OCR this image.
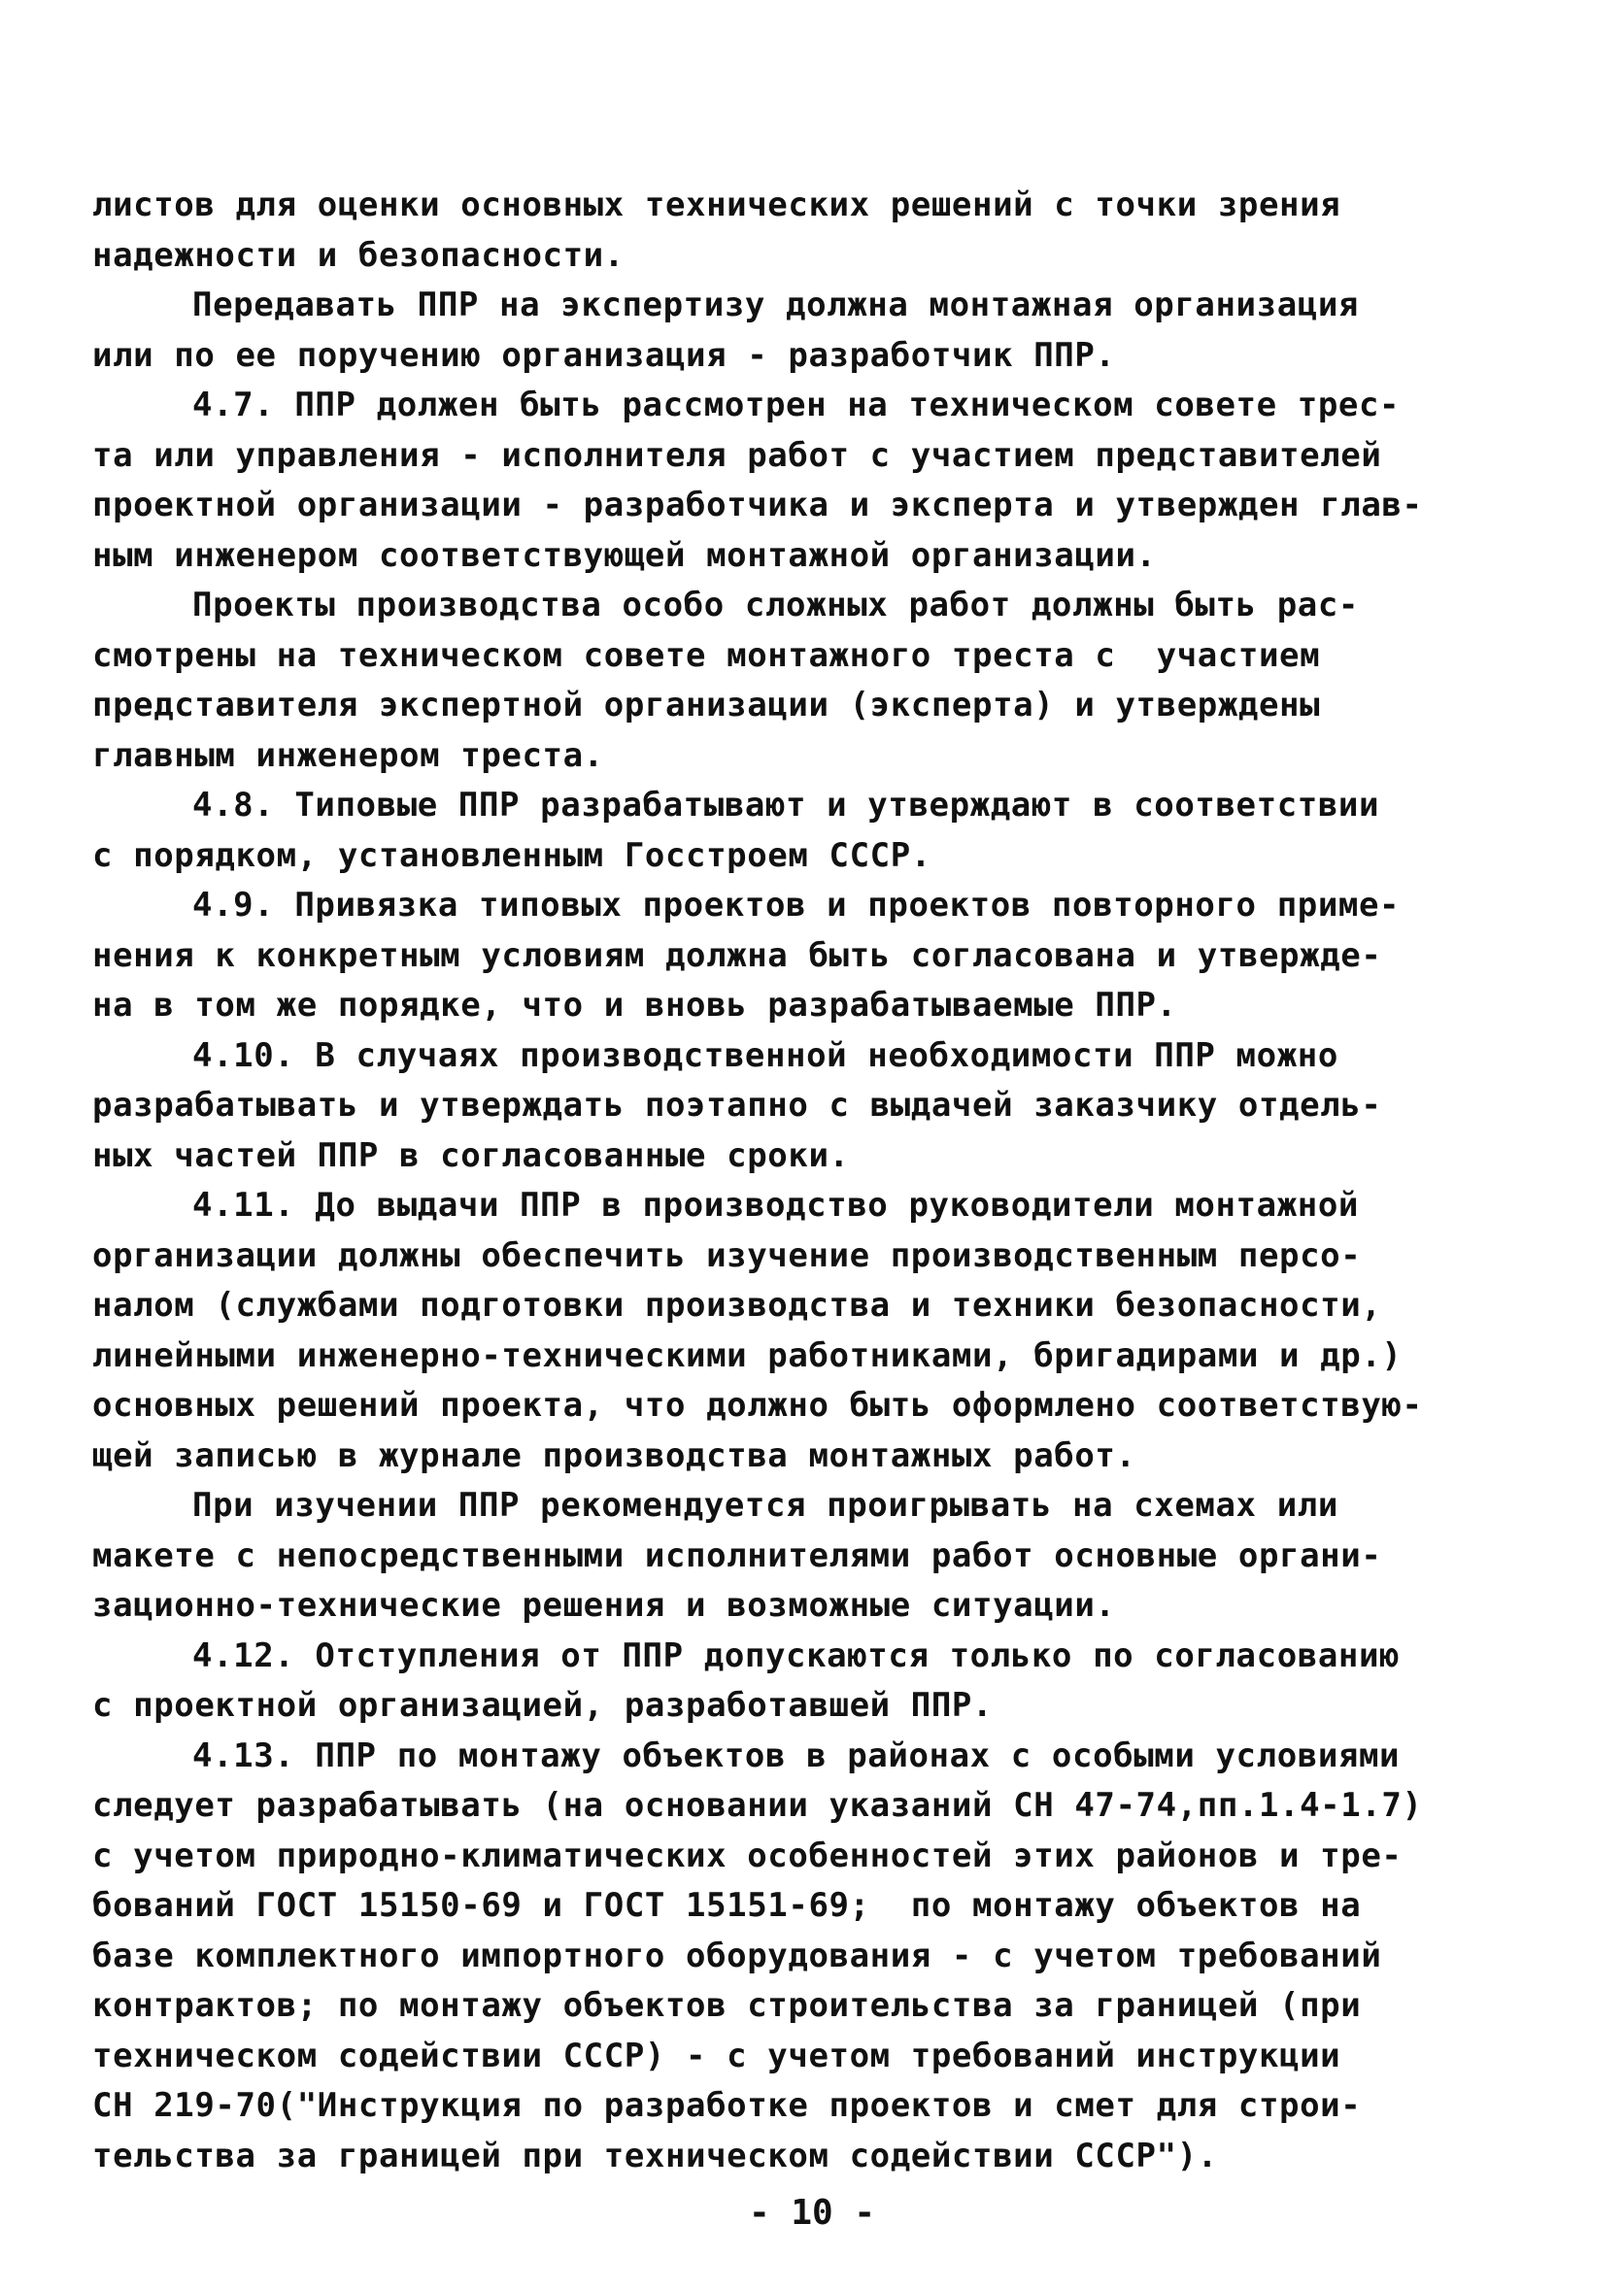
листов для оценки основных технических решений с точки зрения
надежности и безопасности.
Передавать ППР на экспертизу должна монтажная организация
или по ее поручению организация - разработчик ППР.
4.7. ППР должен быть рассмотрен на техническом совете трес-
та или управления - исполнителя работ с участием представителей
проектной организации - разработчика и эксперта и утвержден глав-
ным инженером соответствующей монтажной организации.
Проекты производства особо сложных работ должны быть рас-
смотрены на техническом совете монтажного треста с  участием
представителя экспертной организации (эксперта) и утверждены
главным инженером треста.
4.8. Типовые ППР разрабатывают и утверждают в соответствии
с порядком, установленным Госстроем СССР.
4.9. Привязка типовых проектов и проектов повторного приме-
нения к конкретным условиям должна быть согласована и утвержде-
на в том же порядке, что и вновь разрабатываемые ППР.
4.10. В случаях производственной необходимости ППР можно
разрабатывать и утверждать поэтапно с выдачей заказчику отдель-
ных частей ППР в согласованные сроки.
4.11. До выдачи ППР в производство руководители монтажной
организации должны обеспечить изучение производственным персо-
налом (службами подготовки производства и техники безопасности,
линейными инженерно-техническими работниками, бригадирами и др.)
основных решений проекта, что должно быть оформлено соответствую-
щей записью в журнале производства монтажных работ.
При изучении ППР рекомендуется проигрывать на схемах или
макете с непосредственными исполнителями работ основные органи-
зационно-технические решения и возможные ситуации.
4.12. Отступления от ППР допускаются только по согласованию
с проектной организацией, разработавшей ППР.
4.13. ППР по монтажу объектов в районах с особыми условиями
следует разрабатывать (на основании указаний СН 47-74,пп.1.4-1.7)
с учетом природно-климатических особенностей этих районов и тре-
бований ГОСТ 15150-69 и ГОСТ 15151-69;  по монтажу объектов на
базе комплектного импортного оборудования - с учетом требований
контрактов; по монтажу объектов строительства за границей (при
техническом содействии СССР) - с учетом требований инструкции
СН 219-70("Инструкция по разработке проектов и смет для строи-
тельства за границей при техническом содействии СССР").
- 10 -
